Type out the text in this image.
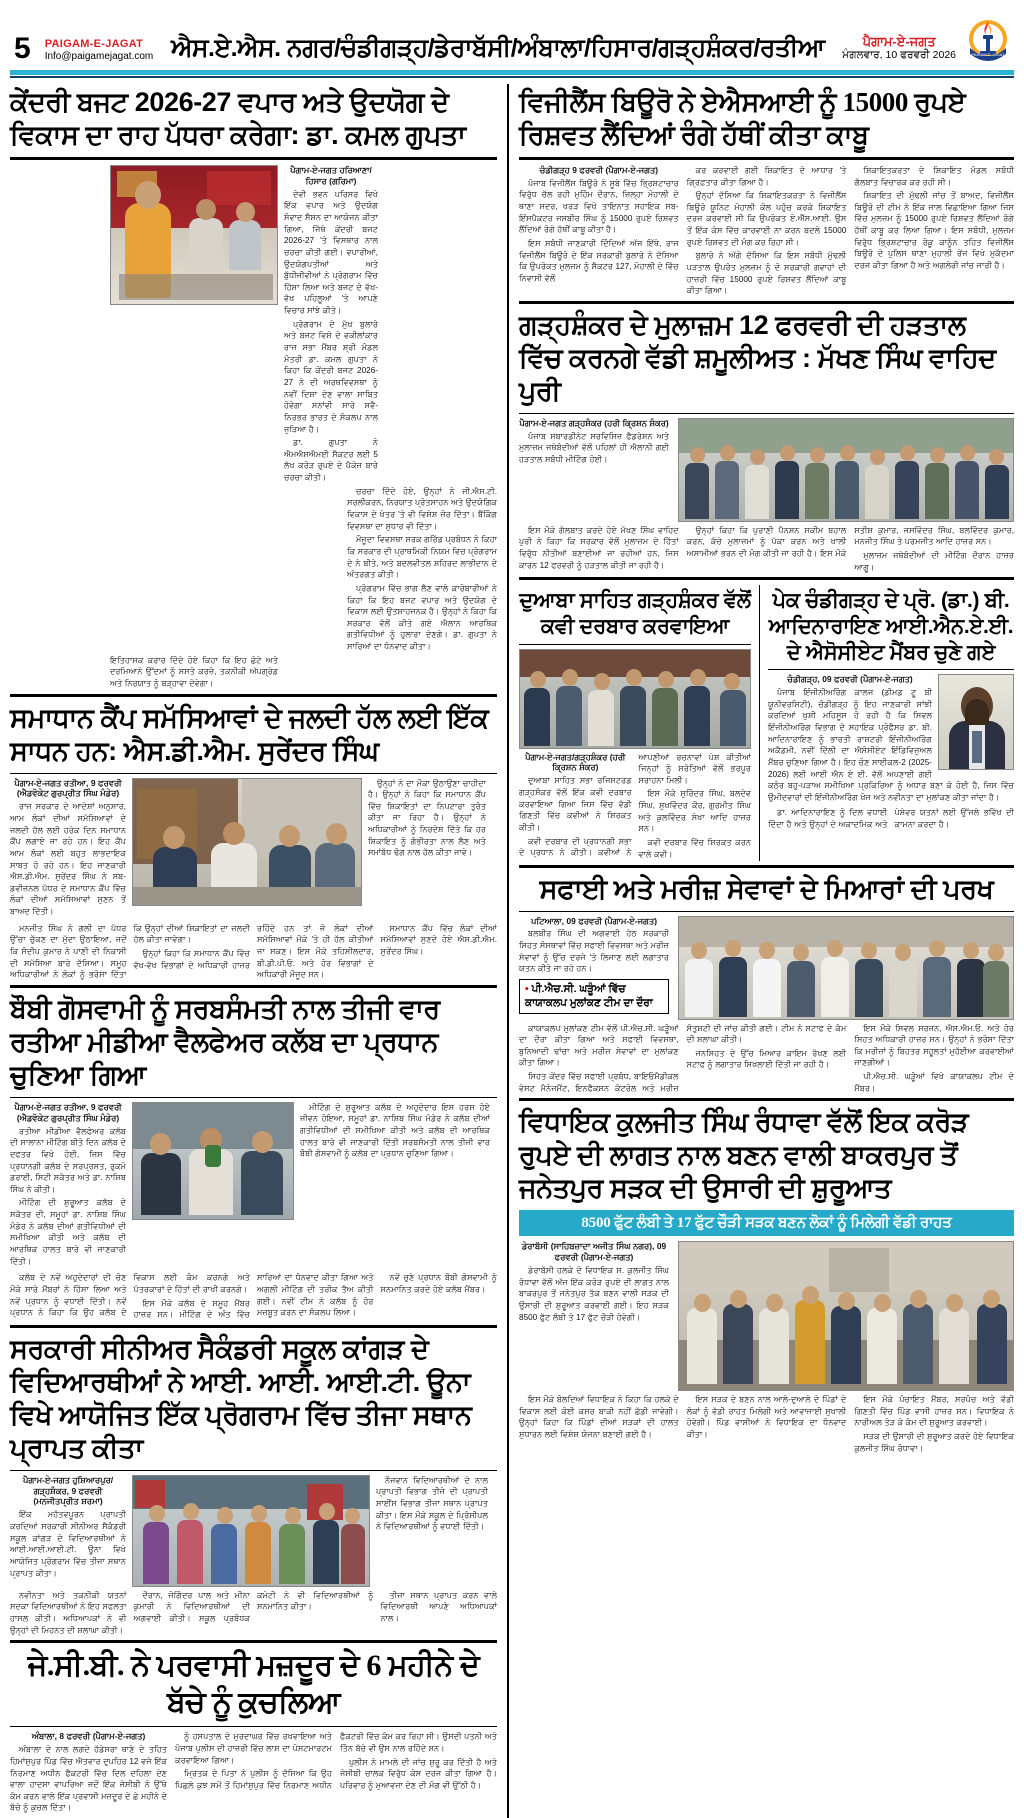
5	PAIGAM-E-JAGAT
Info@paigamejagat.com ਐਸ.ਏ.ਐਸ. ਨਗਰ/ਚੰਡੀਗੜ੍ਹ/ਡੇਰਾਬੱਸੀ/ਅੰਬਾਲਾ/ਹਿਸਾਰ/ਗੜ੍ਹਸ਼ੰਕਰ/ਰਤੀਆ	ਪੈਗਾਮ-ਏ-ਜਗਤ
ਮੰਗਲਵਾਰ, 10 ਫਰਵਰੀ 2026	PAIGAM-E-JAGAT
ਕੇਂਦਰੀ ਬਜਟ 2026-27 ਵਪਾਰ ਅਤੇ ਉਦਯੋਗ ਦੇ ਵਿਕਾਸ ਦਾ ਰਾਹ ਪੱਧਰਾ ਕਰੇਗਾ: ਡਾ. ਕਮਲ ਗੁਪਤਾ

ਪੈਗਾਮ-ਏ-ਜਗਤ ਹਰਿਆਣਾ/ਹਿਸਾਰ (ਗਰਿਮਾ)

ਦੇਵੀ ਭਵਨ ਪਰਿਸਰ ਵਿਖੇ ਇੱਕ ਵਪਾਰ ਅਤੇ ਉਦਯੋਗ ਸੰਵਾਦ ਸੈਸ਼ਨ ਦਾ ਆਯੋਜਨ ਕੀਤਾ ਗਿਆ, ਜਿੱਥੇ ਕੇਂਦਰੀ ਬਜਟ 2026-27 'ਤੇ ਵਿਸਥਾਰ ਨਾਲ ਚਰਚਾ ਕੀਤੀ ਗਈ। ਵਪਾਰੀਆਂ, ਉਦਯੋਗਪਤੀਆਂ ਅਤੇ ਬੁੱਧੀਜੀਵੀਆਂ ਨੇ ਪ੍ਰੋਗਰਾਮ ਵਿੱਚ ਹਿੱਸਾ ਲਿਆ ਅਤੇ ਬਜਟ ਦੇ ਵੱਖ-ਵੱਖ ਪਹਿਲੂਆਂ 'ਤੇ ਆਪਣੇ ਵਿਚਾਰ ਸਾਂਝੇ ਕੀਤੇ।

ਪ੍ਰੋਗਰਾਮ ਦੇ ਮੁੱਖ ਬੁਲਾਰੇ ਅਤੇ ਬਜਟ ਵਿਸ਼ੇ ਦੇ ਵਕੀਲਾਂਕਾਰ ਰਾਜ ਸਭਾ ਮੈਂਬਰ ਸ਼੍ਰੀ ਮੰਡਲ ਮੰਤਰੀ ਡਾ. ਕਮਲ ਗੁਪਤਾ ਨੇ ਕਿਹਾ ਕਿ ਕੇਂਦਰੀ ਬਜਟ 2026-27 ਨੇ ਦੀ ਅਰਥਵਿਵਸਥਾ ਨੂੰ ਨਵੀਂ ਦਿਸ਼ਾ ਦੇਣ ਵਾਲਾ ਸਾਬਿਤ ਹੋਵੇਗਾ ਸਨਾਂਵੀ ਸਾਰੇ ਸਵੈ-ਨਿਰਭਰ ਭਾਰਤ ਦੇ ਸੰਕਲਪ ਨਾਲ ਜੁੜਿਆ ਹੈ।

ਡਾ. ਗੁਪਤਾ ਨੇ ਐਮਐਸਐਮਈ ਸੈਕਟਰ ਲਈ 5 ਲੱਖ ਕਰੋੜ ਰੁਪਏ ਦੇ ਪੈਕੇਜ ਬਾਰੇ ਚਰਚਾ ਕੀਤੀ।

ਚਰਚਾ ਦਿੰਦੇ ਹੋਏ, ਉਨ੍ਹਾਂ ਨੇ ਜੀ.ਐਸ.ਟੀ. ਸਰਲੀਕਰਨ, ਨਿਰਯਾਤ ਪ੍ਰੋਤਸਾਹਨ ਅਤੇ ਉਦਯੋਗਿਕ ਵਿਕਾਸ ਦੇ ਖੇਤਰ 'ਤੇ ਵੀ ਵਿਸ਼ੇਸ਼ ਜ਼ੋਰ ਦਿੱਤਾ। ਬੈਂਕਿੰਗ ਵਿਵਸਥਾ ਦਾ ਸੁਧਾਰ ਵੀ ਦਿੱਤਾ।

ਮੌਜੂਦਾ ਵਿਵਸਥਾ ਸਰਕ ਗਰਿੱਡ ਪ੍ਰਬੰਧਨ ਨੇ ਕਿਹਾ ਕਿ ਸਰਕਾਰ ਦੀ ਪ੍ਰਾਥਮਿਕੀ ਨਿਯਮ ਵਿਚ ਪ੍ਰੋਗਰਾਮ ਦੇ ਨੇ ਬੀਤੇ, ਅਤੇ ਬਦਲਵੀਤਲ ਸ਼ਹਿਰਦ ਲਾਭੀਦਾਨ ਦੇ ਅੰਤਰਗਤ ਕੀਤੀ।

ਪ੍ਰੋਗਰਾਮ ਵਿੱਚ ਭਾਗ ਲੈਣ ਵਾਲੇ ਕਾਰੋਬਾਰੀਆਂ ਨੇ ਕਿਹਾ ਕਿ ਇਹ ਬਜਟ ਵਪਾਰ ਅਤੇ ਉਦਯੋਗ ਦੇ ਵਿਕਾਸ ਲਈ ਉਤਸ਼ਾਹਜਨਕ ਹੈ। ਉਨ੍ਹਾਂ ਨੇ ਕਿਹਾ ਕਿ ਸਰਕਾਰ ਵੱਲੋਂ ਕੀਤੇ ਗਏ ਐਲਾਨ ਆਰਥਿਕ ਗਤੀਵਿਧੀਆਂ ਨੂੰ ਹੁਲਾਰਾ ਦੇਣਗੇ। ਡਾ. ਗੁਪਤਾ ਨੇ ਸਾਰਿਆਂ ਦਾ ਧੰਨਵਾਦ ਕੀਤਾ।

ਇਤਿਹਾਸਕ ਕਰਾਰ ਦਿੰਦੇ ਹੋਏ ਕਿਹਾ ਕਿ ਇਹ ਛੋਟੇ ਅਤੇ ਦਰਮਿਆਨੇ ਉੱਦਮਾਂ ਨੂੰ ਸਸਤੇ ਕਰਜ਼ੇ, ਤਕਨੀਕੀ ਅੱਪਗ੍ਰੇਡ ਅਤੇ ਨਿਰਯਾਤ ਨੂੰ ਬੜ੍ਹਾਵਾ ਦੇਵੇਗਾ।
ਸਮਾਧਾਨ ਕੈਂਪ ਸਮੱਸਿਆਵਾਂ ਦੇ ਜਲਦੀ ਹੱਲ ਲਈ ਇੱਕ ਸਾਧਨ ਹਨ: ਐਸ.ਡੀ.ਐਮ. ਸੁਰੇਂਦਰ ਸਿੰਘ

ਪੈਗਾਮ-ਏ-ਜਗਤ ਰਤੀਆ, 9 ਫਰਵਰੀ (ਐਡਵੋਕੇਟ ਗੁਰਪ੍ਰੀਤ ਸਿੰਘ ਮੰਡੇਰ)

ਰਾਜ ਸਰਕਾਰ ਦੇ ਆਦੇਸ਼ਾਂ ਅਨੁਸਾਰ, ਆਮ ਲੋਕਾਂ ਦੀਆਂ ਸਮੱਸਿਆਵਾਂ ਦੇ ਜਲਦੀ ਹੱਲ ਲਈ ਹਰੇਕ ਦਿਨ ਸਮਾਧਾਨ ਕੈਂਪ ਲਗਾਏ ਜਾ ਰਹੇ ਹਨ। ਇਹ ਕੈਂਪ ਆਮ ਲੋਕਾਂ ਲਈ ਬਹੁਤ ਲਾਭਦਾਇਕ ਸਾਬਤ ਹੋ ਰਹੇ ਹਨ। ਇਹ ਜਾਣਕਾਰੀ ਐਸ.ਡੀ.ਐਮ. ਸੁਰੇਂਦਰ ਸਿੰਘ ਨੇ ਸਬ-ਡਵੀਜ਼ਨਲ ਪੱਧਰ ਦੇ ਸਮਾਧਾਨ ਕੈਂਪ ਵਿੱਚ ਲੋਕਾਂ ਦੀਆਂ ਸਮੱਸਿਆਵਾਂ ਸੁਣਨ ਤੋਂ ਬਾਅਦ ਦਿੱਤੀ।

ਉਨ੍ਹਾਂ ਨੇ ਦਾ ਮੌਕਾ ਉਠਾਉਣਾ ਚਾਹੀਦਾ ਹੈ। ਉਨ੍ਹਾਂ ਨੇ ਕਿਹਾ ਕਿ ਸਮਾਧਾਨ ਕੈਂਪ ਵਿੱਚ ਸ਼ਿਕਾਇਤਾਂ ਦਾ ਨਿਪਟਾਰਾ ਤੁਰੰਤ ਕੀਤਾ ਜਾ ਰਿਹਾ ਹੈ। ਉਨ੍ਹਾਂ ਨੇ ਅਧਿਕਾਰੀਆਂ ਨੂੰ ਨਿਰਦੇਸ਼ ਦਿੱਤੇ ਕਿ ਹਰ ਸ਼ਿਕਾਇਤ ਨੂੰ ਗੰਭੀਰਤਾ ਨਾਲ ਲੈਣ ਅਤੇ ਸਮਾਂਬੱਧ ਢੰਗ ਨਾਲ ਹੱਲ ਕੀਤਾ ਜਾਵੇ।

ਮਨਜੀਤ ਸਿੰਘ ਨੇ ਗਲੀ ਦਾ ਪੱਧਰ ਉੱਚਾ ਚੁੱਕਣ ਦਾ ਮੁੱਦਾ ਉਠਾਇਆ, ਜਦੋਂ ਕਿ ਸੰਦੀਪ ਕੁਮਾਰ ਨੇ ਪਾਣੀ ਦੀ ਨਿਕਾਸੀ ਦੀ ਸਮੱਸਿਆ ਬਾਰੇ ਦੱਸਿਆ। ਸਮੂਹ ਅਧਿਕਾਰੀਆਂ ਨੇ ਲੋਕਾਂ ਨੂੰ ਭਰੋਸਾ ਦਿੱਤਾ ਕਿ ਉਨ੍ਹਾਂ ਦੀਆਂ ਸ਼ਿਕਾਇਤਾਂ ਦਾ ਜਲਦੀ ਹੱਲ ਕੀਤਾ ਜਾਵੇਗਾ।

ਉਨ੍ਹਾਂ ਕਿਹਾ ਕਿ ਸਮਾਧਾਨ ਕੈਂਪ ਵਿੱਚ ਵੱਖ-ਵੱਖ ਵਿਭਾਗਾਂ ਦੇ ਅਧਿਕਾਰੀ ਹਾਜ਼ਰ ਰਹਿੰਦੇ ਹਨ ਤਾਂ ਜੋ ਲੋਕਾਂ ਦੀਆਂ ਸਮੱਸਿਆਵਾਂ ਮੌਕੇ 'ਤੇ ਹੀ ਹੱਲ ਕੀਤੀਆਂ ਜਾ ਸਕਣ। ਇਸ ਮੌਕੇ ਤਹਿਸੀਲਦਾਰ, ਬੀ.ਡੀ.ਪੀ.ਓ. ਅਤੇ ਹੋਰ ਵਿਭਾਗਾਂ ਦੇ ਅਧਿਕਾਰੀ ਮੌਜੂਦ ਸਨ।

ਸਮਾਧਾਨ ਕੈਂਪ ਵਿੱਚ ਲੋਕਾਂ ਦੀਆਂ ਸਮੱਸਿਆਵਾਂ ਸੁਣਦੇ ਹੋਏ ਐਸ.ਡੀ.ਐਮ. ਸੁਰੇਂਦਰ ਸਿੰਘ।

ਬੌਬੀ ਗੋਸਵਾਮੀ ਨੂੰ ਸਰਬਸੰਮਤੀ ਨਾਲ ਤੀਜੀ ਵਾਰ ਰਤੀਆ ਮੀਡੀਆ ਵੈਲਫੇਅਰ ਕਲੱਬ ਦਾ ਪ੍ਰਧਾਨ ਚੁਣਿਆ ਗਿਆ

ਪੈਗਾਮ-ਏ-ਜਗਤ ਰਤੀਆ, 9 ਫਰਵਰੀ (ਐਡਵੋਕੇਟ ਗੁਰਪ੍ਰੀਤ ਸਿੰਘ ਮੰਡੇਰ)

ਰਤੀਆ ਮੀਡੀਆ ਵੈਲਫੇਅਰ ਕਲੱਬ ਦੀ ਸਾਲਾਨਾ ਮੀਟਿੰਗ ਬੀਤੇ ਦਿਨ ਕਲੱਬ ਦੇ ਦਫਤਰ ਵਿਖੇ ਹੋਈ, ਜਿਸ ਵਿੱਚ ਪ੍ਰਧਾਨਗੀ ਕਲੱਬ ਦੇ ਸਰਪ੍ਰਸਤ, ਰੁਕਮੋ ਡਰਾਈ, ਸਿਟੀ ਸਕੱਤਰ ਅਤੇ ਡਾ. ਨਾਸ਼ਿਬ ਸਿੰਘ ਨੇ ਕੀਤੀ।

ਮੀਟਿੰਗ ਦੀ ਸ਼ੁਰੂਆਤ ਕਲੱਬ ਦੇ ਸਕੱਤਰ ਦੀ, ਸਮੂਹਾਂ ਡਾ. ਨਾਸ਼ਿਬ ਸਿੰਘ ਮੰਡੇਰ ਨੇ ਕਲੱਬ ਦੀਆਂ ਗਤੀਵਿਧੀਆਂ ਦੀ ਸਮੀਖਿਆ ਕੀਤੀ ਅਤੇ ਕਲੱਬ ਦੀ ਆਰਥਿਕ ਹਾਲਤ ਬਾਰੇ ਵੀ ਜਾਣਕਾਰੀ ਦਿੱਤੀ।

ਮੀਟਿੰਗ ਦੇ ਸ਼ੁਰੂਆਤ ਕਲੱਬ ਦੇ ਅਹੁਦੇਦਾਰ ਇਸ ਹਰਸ਼ ਹੋਏ ਜੀਵਨ ਹੋਇਆ, ਸਮੂਹਾਂ ਡਾ. ਨਾਸ਼ਿਬ ਸਿੰਘ ਮੰਡੇਰ ਨੇ ਕਲੱਬ ਦੀਆਂ ਗਤੀਵਿਧੀਆਂ ਦੀ ਸਮੀਖਿਆ ਕੀਤੀ ਅਤੇ ਕਲੱਬ ਦੀ ਆਰਥਿਕ ਹਾਲਤ ਬਾਰੇ ਵੀ ਜਾਣਕਾਰੀ ਦਿੱਤੀ ਸਰਬਸੰਮਤੀ ਨਾਲ ਤੀਜੀ ਵਾਰ ਬੌਬੀ ਗੋਸਵਾਮੀ ਨੂੰ ਕਲੱਬ ਦਾ ਪ੍ਰਧਾਨ ਚੁਣਿਆ ਗਿਆ।

ਕਲੱਬ ਦੇ ਨਵੇਂ ਅਹੁਦੇਦਾਰਾਂ ਦੀ ਚੋਣ ਮੌਕੇ ਸਾਰੇ ਮੈਂਬਰਾਂ ਨੇ ਹਿੱਸਾ ਲਿਆ ਅਤੇ ਨਵੇਂ ਪ੍ਰਧਾਨ ਨੂੰ ਵਧਾਈ ਦਿੱਤੀ। ਨਵੇਂ ਪ੍ਰਧਾਨ ਨੇ ਕਿਹਾ ਕਿ ਉਹ ਕਲੱਬ ਦੇ ਵਿਕਾਸ ਲਈ ਕੰਮ ਕਰਨਗੇ ਅਤੇ ਪੱਤਰਕਾਰਾਂ ਦੇ ਹਿੱਤਾਂ ਦੀ ਰਾਖੀ ਕਰਨਗੇ।

ਇਸ ਮੌਕੇ ਕਲੱਬ ਦੇ ਸਮੂਹ ਮੈਂਬਰ ਹਾਜ਼ਰ ਸਨ। ਮੀਟਿੰਗ ਦੇ ਅੰਤ ਵਿੱਚ ਸਾਰਿਆਂ ਦਾ ਧੰਨਵਾਦ ਕੀਤਾ ਗਿਆ ਅਤੇ ਅਗਲੀ ਮੀਟਿੰਗ ਦੀ ਤਰੀਕ ਤੈਅ ਕੀਤੀ ਗਈ। ਨਵੀਂ ਟੀਮ ਨੇ ਕਲੱਬ ਨੂੰ ਹੋਰ ਮਜ਼ਬੂਤ ਕਰਨ ਦਾ ਸੰਕਲਪ ਲਿਆ।

ਨਵੇਂ ਚੁਣੇ ਪ੍ਰਧਾਨ ਬੌਬੀ ਗੋਸਵਾਮੀ ਨੂੰ ਸਨਮਾਨਿਤ ਕਰਦੇ ਹੋਏ ਕਲੱਬ ਮੈਂਬਰ।

ਸਰਕਾਰੀ ਸੀਨੀਅਰ ਸੈਕੰਡਰੀ ਸਕੂਲ ਕਾਂਗੜ ਦੇ ਵਿਦਿਆਰਥੀਆਂ ਨੇ ਆਈ. ਆਈ. ਆਈ.ਟੀ. ਊਨਾ ਵਿਖੇ ਆਯੋਜਿਤ ਇੱਕ ਪ੍ਰੋਗਰਾਮ ਵਿੱਚ ਤੀਜਾ ਸਥਾਨ ਪ੍ਰਾਪਤ ਕੀਤਾ

ਪੈਗਾਮ-ਏ-ਜਗਤ ਹੁਸ਼ਿਆਰਪੁਰ/ਗੜ੍ਹਸ਼ੰਕਰ, 9 ਫਰਵਰੀ (ਮਨਜੀਤਪ੍ਰੀਤ ਸ਼ਰਮਾ)

ਇੱਕ ਮਹੱਤਵਪੂਰਨ ਪ੍ਰਾਪਤੀ ਕਰਦਿਆਂ ਸਰਕਾਰੀ ਸੀਨੀਅਰ ਸੈਕੰਡਰੀ ਸਕੂਲ ਕਾਂਗੜ ਦੇ ਵਿਦਿਆਰਥੀਆਂ ਨੇ ਆਈ.ਆਈ.ਆਈ.ਟੀ. ਊਨਾ ਵਿਖੇ ਆਯੋਜਿਤ ਪ੍ਰੋਗਰਾਮ ਵਿੱਚ ਤੀਜਾ ਸਥਾਨ ਪ੍ਰਾਪਤ ਕੀਤਾ।

ਨੌਜਵਾਨ ਵਿਦਿਆਰਥੀਆਂ ਦੇ ਨਾਲ ਪ੍ਰਾਪਤੀ ਵਿਭਾਗ ਤੀਜੇ ਦੀ ਪ੍ਰਾਪਤੀ ਸਾਈਂਸ ਵਿਭਾਗ ਤੀਜਾ ਸਥਾਨ ਪ੍ਰਾਪਤ ਕੀਤਾ। ਇਸ ਮੌਕੇ ਸਕੂਲ ਦੇ ਪ੍ਰਿੰਸੀਪਲ ਨੇ ਵਿਦਿਆਰਥੀਆਂ ਨੂੰ ਵਧਾਈ ਦਿੱਤੀ।

ਨਵੀਨਤਾ ਅਤੇ ਤਕਨੀਕੀ ਯਤਨਾਂ ਸਦਕਾ ਵਿਦਿਆਰਥੀਆਂ ਨੇ ਇਹ ਸਫਲਤਾ ਹਾਸਲ ਕੀਤੀ। ਅਧਿਆਪਕਾਂ ਨੇ ਵੀ ਉਨ੍ਹਾਂ ਦੀ ਮਿਹਨਤ ਦੀ ਸ਼ਲਾਘਾ ਕੀਤੀ।

ਦੌਰਾਨ, ਜੋਗਿੰਦਰ ਪਾਲ ਅਤੇ ਮੀਨਾ ਕੁਮਾਰੀ ਨੇ ਵਿਦਿਆਰਥੀਆਂ ਦੀ ਅਗਵਾਈ ਕੀਤੀ। ਸਕੂਲ ਪ੍ਰਬੰਧਕ ਕਮੇਟੀ ਨੇ ਵੀ ਵਿਦਿਆਰਥੀਆਂ ਨੂੰ ਸਨਮਾਨਿਤ ਕੀਤਾ।

ਤੀਜਾ ਸਥਾਨ ਪ੍ਰਾਪਤ ਕਰਨ ਵਾਲੇ ਵਿਦਿਆਰਥੀ ਆਪਣੇ ਅਧਿਆਪਕਾਂ ਨਾਲ।

ਜੇ.ਸੀ.ਬੀ. ਨੇ ਪਰਵਾਸੀ ਮਜ਼ਦੂਰ ਦੇ 6 ਮਹੀਨੇ ਦੇ ਬੱਚੇ ਨੂੰ ਕੁਚਲਿਆ

ਅੰਬਾਲਾ, 8 ਫਰਵਰੀ (ਪੈਗਾਮ-ਏ-ਜਗਤ)

ਅੰਬਾਲਾ ਦੇ ਨਾਲ ਲਗਦੇ ਹੱਡੇਸਰਾ ਥਾਣੇ ਦੇ ਤਹਿਤ ਹਿਮਾਂਸ਼ੁਪੁਰ ਪਿੰਡ ਵਿੱਚ ਐਤਵਾਰ ਦੁਪਹਿਰ 12 ਵਜੇ ਇੱਕ ਨਿਰਮਾਣ ਅਧੀਨ ਫੈਕਟਰੀ ਵਿੱਚ ਦਿਲ ਦਹਿਲਾ ਦੇਣ ਵਾਲਾ ਹਾਦਸਾ ਵਾਪਰਿਆ ਜਦੋਂ ਇੱਕ ਜੇਸੀਬੀ ਨੇ ਉੱਥੇ ਕੰਮ ਕਰਨ ਵਾਲੇ ਇੱਕ ਪ੍ਰਵਾਸੀ ਮਜ਼ਦੂਰ ਦੇ ਛੇ ਮਹੀਨੇ ਦੇ ਬੱਚੇ ਨੂੰ ਕੁਚਲ ਦਿੱਤਾ।

ਨੂੰ ਹਸਪਤਾਲ ਦੇ ਮੁਰਦਾਘਰ ਵਿੱਚ ਰਖਵਾਇਆ ਅਤੇ ਪੰਜਾਬ ਪੁਲੀਸ ਦੀ ਹਾਜ਼ਰੀ ਵਿੱਚ ਲਾਸ਼ ਦਾ ਪੋਸਟਮਾਰਟਮ ਕਰਵਾਇਆ ਗਿਆ।

ਮ੍ਰਿਤਕ ਦੇ ਪਿਤਾ ਨੇ ਪੁਲੀਸ ਨੂੰ ਦੱਸਿਆ ਕਿ ਉਹ ਪਿਛਲੇ ਕੁਝ ਸਮੇਂ ਤੋਂ ਹਿਮਾਂਸ਼ੁਪੁਰ ਵਿੱਚ ਨਿਰਮਾਣ ਅਧੀਨ ਫੈਕਟਰੀ ਵਿੱਚ ਕੰਮ ਕਰ ਰਿਹਾ ਸੀ। ਉਸਦੀ ਪਤਨੀ ਅਤੇ ਤਿੰਨ ਬੱਚੇ ਵੀ ਉਸ ਨਾਲ ਰਹਿੰਦੇ ਸਨ।

ਪੁਲੀਸ ਨੇ ਮਾਮਲੇ ਦੀ ਜਾਂਚ ਸ਼ੁਰੂ ਕਰ ਦਿੱਤੀ ਹੈ ਅਤੇ ਜੇਸੀਬੀ ਚਾਲਕ ਵਿਰੁੱਧ ਕੇਸ ਦਰਜ ਕੀਤਾ ਗਿਆ ਹੈ। ਪਰਿਵਾਰ ਨੂੰ ਮੁਆਵਜ਼ਾ ਦੇਣ ਦੀ ਮੰਗ ਵੀ ਉੱਠੀ ਹੈ।

ਵਿਜੀਲੈਂਸ ਬਿਊਰੋ ਨੇ ਏਐਸਆਈ ਨੂੰ 15000 ਰੁਪਏ ਰਿਸ਼ਵਤ ਲੈਂਦਿਆਂ ਰੰਗੇ ਹੱਥੀਂ ਕੀਤਾ ਕਾਬੂ

ਚੰਡੀਗੜ੍ਹ 9 ਫਰਵਰੀ (ਪੈਗਾਮ-ਏ-ਜਗਤ)

ਪੰਜਾਬ ਵਿਜੀਲੈਂਸ ਬਿਊਰੋ ਨੇ ਸੂਬੇ ਵਿੱਚ ਭ੍ਰਿਸ਼ਟਾਚਾਰ ਵਿਰੁੱਧ ਚੱਲ ਰਹੀ ਮੁਹਿੰਮ ਦੌਰਾਨ, ਜ਼ਿਲ੍ਹਾ ਮੋਹਾਲੀ ਦੇ ਥਾਣਾ ਸਦਰ, ਖਰੜ ਵਿਖੇ ਤਾਇਨਾਤ ਸਹਾਇਕ ਸਬ-ਇੰਸਪੈਕਟਰ ਜਸਬੀਰ ਸਿੰਘ ਨੂੰ 15000 ਰੁਪਏ ਰਿਸ਼ਵਤ ਲੈਂਦਿਆਂ ਰੰਗੇ ਹੱਥੀਂ ਕਾਬੂ ਕੀਤਾ ਹੈ।

ਇਸ ਸਬੰਧੀ ਜਾਣਕਾਰੀ ਦਿੰਦਿਆਂ ਅੱਜ ਇੱਥੇ, ਰਾਜ ਵਿਜੀਲੈਂਸ ਬਿਊਰੋ ਦੇ ਇੱਕ ਸਰਕਾਰੀ ਬੁਲਾਰੇ ਨੇ ਦੱਸਿਆ ਕਿ ਉਪਰੋਕਤ ਮੁਲਜ਼ਮ ਨੂੰ ਸੈਕਟਰ 127, ਮੋਹਾਲੀ ਦੇ ਵਿੱਚ ਨਿਵਾਸੀ ਵੱਲੋਂ

ਕਰ ਕਰਵਾਈ ਗਈ ਸ਼ਿਕਾਇਤ ਦੇ ਆਧਾਰ 'ਤੇ ਗ੍ਰਿਫ਼ਤਾਰ ਕੀਤਾ ਗਿਆ ਹੈ।

ਉਨ੍ਹਾਂ ਦੱਸਿਆ ਕਿ ਸ਼ਿਕਾਇਤਕਰਤਾ ਨੇ ਵਿਜੀਲੈਂਸ ਬਿਊਰੋ ਯੂਨਿਟ ਮੋਹਾਲੀ ਕੋਲ ਪਹੁੰਚ ਕਰਕੇ ਸ਼ਿਕਾਇਤ ਦਰਜ ਕਰਵਾਈ ਸੀ ਕਿ ਉਪਰੋਕਤ ਏ.ਐੱਸ.ਆਈ. ਉਸ ਤੋਂ ਇੱਕ ਕੇਸ ਵਿੱਚ ਕਾਰਵਾਈ ਨਾ ਕਰਨ ਬਦਲੇ 15000 ਰੁਪਏ ਰਿਸ਼ਵਤ ਦੀ ਮੰਗ ਕਰ ਰਿਹਾ ਸੀ।

ਬੁਲਾਰੇ ਨੇ ਅੱਗੇ ਦੱਸਿਆ ਕਿ ਇਸ ਸਬੰਧੀ ਮੁੱਢਲੀ ਪੜਤਾਲ ਉਪਰੰਤ ਮੁਲਜ਼ਮ ਨੂੰ ਦੋ ਸਰਕਾਰੀ ਗਵਾਹਾਂ ਦੀ ਹਾਜ਼ਰੀ ਵਿੱਚ 15000 ਰੁਪਏ ਰਿਸ਼ਵਤ ਲੈਂਦਿਆਂ ਕਾਬੂ ਕੀਤਾ ਗਿਆ।

ਸ਼ਿਕਾਇਤਕਰਤਾ ਦੇ ਸ਼ਿਕਾਇਤ ਮੰਡਲ ਸਬੰਧੀ ਗੱਲਬਾਤ ਵਿਚਾਰਕ ਕਰ ਰਹੀ ਸੀ।

ਸ਼ਿਕਾਇਤ ਦੀ ਮੁੱਢਲੀ ਜਾਂਚ ਤੋਂ ਬਾਅਦ, ਵਿਜੀਲੈਂਸ ਬਿਊਰੋ ਦੀ ਟੀਮ ਨੇ ਇੱਕ ਜਾਲ ਵਿਛਾਇਆ ਗਿਆ ਜਿਸ ਵਿੱਚ ਮੁਲਜ਼ਮ ਨੂੰ 15000 ਰੁਪਏ ਰਿਸ਼ਵਤ ਲੈਂਦਿਆਂ ਰੰਗੇ ਹੱਥੀਂ ਕਾਬੂ ਕਰ ਲਿਆ ਗਿਆ। ਇਸ ਸਬੰਧੀ, ਮੁਲਜ਼ਮ ਵਿਰੁੱਧ ਭ੍ਰਿਸ਼ਟਾਚਾਰ ਰੋਕੂ ਕਾਨੂੰਨ ਤਹਿਤ ਵਿਜੀਲੈਂਸ ਬਿਊਰੋ ਦੇ ਪੁਲਿਸ ਥਾਣਾ ਮੁਹਾਲੀ ਰੇਂਜ ਵਿਖੇ ਮੁਕੱਦਮਾ ਦਰਜ ਕੀਤਾ ਗਿਆ ਹੈ ਅਤੇ ਅਗਲੇਰੀ ਜਾਂਚ ਜਾਰੀ ਹੈ।

ਗੜ੍ਹਸ਼ੰਕਰ ਦੇ ਮੁਲਾਜ਼ਮ 12 ਫਰਵਰੀ ਦੀ ਹੜਤਾਲ ਵਿੱਚ ਕਰਨਗੇ ਵੱਡੀ ਸ਼ਮੂਲੀਅਤ : ਮੱਖਣ ਸਿੰਘ ਵਾਹਿਦ ਪੁਰੀ

ਪੈਗਾਮ-ਏ-ਜਗਤ ਗੜ੍ਹਸ਼ੰਕਰ (ਹਰੀ ਕ੍ਰਿਸ਼ਨ ਸ਼ੰਕਰ)

ਪੰਜਾਬ ਸਬਾਰਡੀਨੇਟ ਸਰਵਿਸਿਜ਼ ਫੈਡਰੇਸ਼ਨ ਅਤੇ ਮੁਲਾਜ਼ਮ ਜਥੇਬੰਦੀਆਂ ਵੱਲੋਂ ਪਹਿਲਾਂ ਹੀ ਐਲਾਨੀ ਗਈ ਹੜਤਾਲ ਸਬੰਧੀ ਮੀਟਿੰਗ ਹੋਈ।

ਇਸ ਮੌਕੇ ਗੱਲਬਾਤ ਕਰਦੇ ਹੋਏ ਮੱਖਣ ਸਿੰਘ ਵਾਹਿਦ ਪੁਰੀ ਨੇ ਕਿਹਾ ਕਿ ਸਰਕਾਰ ਵੱਲੋਂ ਮੁਲਾਜ਼ਮ ਦੇ ਹਿੱਤਾਂ ਵਿਰੁੱਧ ਨੀਤੀਆਂ ਬਣਾਈਆਂ ਜਾ ਰਹੀਆਂ ਹਨ, ਜਿਸ ਕਾਰਨ 12 ਫਰਵਰੀ ਨੂੰ ਹੜਤਾਲ ਕੀਤੀ ਜਾ ਰਹੀ ਹੈ।

ਉਨ੍ਹਾਂ ਕਿਹਾ ਕਿ ਪੁਰਾਣੀ ਪੈਨਸ਼ਨ ਸਕੀਮ ਬਹਾਲ ਕਰਨ, ਕੱਚੇ ਮੁਲਾਜ਼ਮਾਂ ਨੂੰ ਪੱਕਾ ਕਰਨ ਅਤੇ ਖਾਲੀ ਅਸਾਮੀਆਂ ਭਰਨ ਦੀ ਮੰਗ ਕੀਤੀ ਜਾ ਰਹੀ ਹੈ। ਇਸ ਮੌਕੇ ਸਤੀਸ਼ ਕੁਮਾਰ, ਜਸਵਿੰਦਰ ਸਿੰਘ, ਬਲਵਿੰਦਰ ਕੁਮਾਰ, ਮਨਜੀਤ ਸਿੰਘ ਤੇ ਪਰਮਜੀਤ ਆਦਿ ਹਾਜ਼ਰ ਸਨ।

ਮੁਲਾਜ਼ਮ ਜਥੇਬੰਦੀਆਂ ਦੀ ਮੀਟਿੰਗ ਦੌਰਾਨ ਹਾਜ਼ਰ ਆਗੂ।

ਦੁਆਬਾ ਸਾਹਿਤ ਗੜ੍ਹਸ਼ੰਕਰ ਵੱਲੋਂ ਕਵੀ ਦਰਬਾਰ ਕਰਵਾਇਆ

ਪੈਗਾਮ-ਏ-ਜਗਤ/ਗੜ੍ਹਸ਼ੰਕਰ (ਹਰੀ ਕ੍ਰਿਸ਼ਨ ਸ਼ੰਕਰ)

ਦੁਆਬਾ ਸਾਹਿਤ ਸਭਾ ਰਜਿਸਟਰਡ ਗੜ੍ਹਸ਼ੰਕਰ ਵੱਲੋਂ ਇੱਕ ਕਵੀ ਦਰਬਾਰ ਕਰਵਾਇਆ ਗਿਆ ਜਿਸ ਵਿੱਚ ਵੱਡੀ ਗਿਣਤੀ ਵਿੱਚ ਕਵੀਆਂ ਨੇ ਸ਼ਿਰਕਤ ਕੀਤੀ।

ਕਵੀ ਦਰਬਾਰ ਦੀ ਪ੍ਰਧਾਨਗੀ ਸਭਾ ਦੇ ਪ੍ਰਧਾਨ ਨੇ ਕੀਤੀ। ਕਵੀਆਂ ਨੇ ਆਪਣੀਆਂ ਰਚਨਾਵਾਂ ਪੇਸ਼ ਕੀਤੀਆਂ ਜਿਨ੍ਹਾਂ ਨੂੰ ਸਰੋਤਿਆਂ ਵੱਲੋਂ ਭਰਪੂਰ ਸਰਾਹਨਾ ਮਿਲੀ।

ਇਸ ਮੌਕੇ ਸੁਰਿੰਦਰ ਸਿੰਘ, ਬਲਦੇਵ ਸਿੰਘ, ਸੁਖਵਿੰਦਰ ਕੌਰ, ਗੁਰਮੀਤ ਸਿੰਘ ਅਤੇ ਕੁਲਵਿੰਦਰ ਸੇਖਾ ਆਦਿ ਹਾਜ਼ਰ ਸਨ।

ਕਵੀ ਦਰਬਾਰ ਵਿੱਚ ਸ਼ਿਰਕਤ ਕਰਨ ਵਾਲੇ ਕਵੀ।

ਪੇਕ ਚੰਡੀਗੜ੍ਹ ਦੇ ਪ੍ਰੋ. (ਡਾ.) ਬੀ. ਆਦਿਨਾਰਾਇਣ ਆਈ.ਐਨ.ਏ.ਈ. ਦੇ ਐਸੋਸੀਏਟ ਮੈਂਬਰ ਚੁਣੇ ਗਏ

ਚੰਡੀਗੜ੍ਹ, 09 ਫਰਵਰੀ (ਪੈਗਾਮ-ਏ-ਜਗਤ)

ਪੰਜਾਬ ਇੰਜੀਨੀਅਰਿੰਗ ਕਾਲਜ (ਡੀਮਡ ਟੂ ਬੀ ਯੂਨੀਵਰਸਿਟੀ), ਚੰਡੀਗੜ੍ਹ ਨੂੰ ਇਹ ਜਾਣਕਾਰੀ ਸਾਂਝੀ ਕਰਦਿਆਂ ਖੁਸ਼ੀ ਮਹਿਸੂਸ ਹੋ ਰਹੀ ਹੈ ਕਿ ਸਿਵਲ ਇੰਜੀਨੀਅਰਿੰਗ ਵਿਭਾਗ ਦੇ ਸਹਾਇਕ ਪ੍ਰੋਫੈਸਰ ਡਾ. ਬੀ. ਆਦਿਨਾਰਾਇਣ ਨੂੰ ਭਾਰਤੀ ਰਾਸ਼ਟਰੀ ਇੰਜੀਨੀਅਰਿੰਗ ਅਕੈਡਮੀ, ਨਵੀਂ ਦਿੱਲੀ ਦਾ ਐਸੋਸੀਏਟ ਇੰਡਿਵਿਜੁਅਲ ਮੈਂਬਰ ਚੁਣਿਆ ਗਿਆ ਹੈ। ਇਹ ਚੋਣ ਸਾਈਕਲ-2 (2025-2026) ਲਈ ਆਈ ਐਨ ਏ ਈ. ਵੱਲੋਂ ਅਪਣਾਈ ਗਈ ਕਠੋਰ ਬਹੁ-ਪੜਾਅ ਸਮੀਖਿਆ ਪ੍ਰਕਿਰਿਆ ਨੂੰ ਅਧਾਰ ਬਣਾ ਕੇ ਹੋਈ ਹੈ, ਜਿਸ ਵਿੱਚ ਉਮੀਦਵਾਰਾਂ ਦੀ ਇੰਜੀਨੀਅਰਿੰਗ ਖੋਜ ਅਤੇ ਨਵੀਨਤਾ ਦਾ ਮੁਲਾਂਕਣ ਕੀਤਾ ਜਾਂਦਾ ਹੈ।

ਡਾ. ਆਦਿਨਾਰਾਇਣ ਨੂੰ ਦਿਲ ਵਧਾਈ ਦਿੰਦਾ ਹੈ ਅਤੇ ਉਨ੍ਹਾਂ ਦੇ ਅਕਾਦਮਿਕ ਅਤੇ ਪੇਸ਼ੇਵਰ ਯਤਨਾਂ ਲਈ ਉੱਜਲੇ ਭਵਿੱਖ ਦੀ ਕਾਮਨਾ ਕਰਦਾ ਹੈ।

ਸਫਾਈ ਅਤੇ ਮਰੀਜ਼ ਸੇਵਾਵਾਂ ਦੇ ਮਿਆਰਾਂ ਦੀ ਪਰਖ

ਪਟਿਆਲਾ, 09 ਫਰਵਰੀ (ਪੈਗਾਮ-ਏ-ਜਗਤ)

ਬਲਬੀਰ ਸਿੰਘ ਦੀ ਅਗਵਾਈ ਹੇਠ ਸਰਕਾਰੀ ਸਿਹਤ ਸੰਸਥਾਵਾਂ ਵਿੱਚ ਸਫਾਈ ਵਿਵਸਥਾ ਅਤੇ ਮਰੀਜ਼ ਸੇਵਾਵਾਂ ਨੂੰ ਉੱਚ ਦਰਜੇ 'ਤੇ ਲਿਜਾਣ ਲਈ ਲਗਾਤਾਰ ਯਤਨ ਕੀਤੇ ਜਾ ਰਹੇ ਹਨ।

• ਪੀ.ਐਚ.ਸੀ. ਘੜੂੰਆਂ ਵਿੱਚ ਕਾਯਾਕਲਪ ਮੁਲਾਂਕਣ ਟੀਮ ਦਾ ਦੌਰਾ

ਕਾਯਾਕਲਪ ਮੁਲਾਂਕਣ ਟੀਮ ਵੱਲੋਂ ਪੀ.ਐਚ.ਸੀ. ਘੜੂੰਆਂ ਦਾ ਦੌਰਾ ਕੀਤਾ ਗਿਆ ਅਤੇ ਸਫਾਈ ਵਿਵਸਥਾ, ਬੁਨਿਆਦੀ ਢਾਂਚਾ ਅਤੇ ਮਰੀਜ਼ ਸੇਵਾਵਾਂ ਦਾ ਮੁਲਾਂਕਣ ਕੀਤਾ ਗਿਆ।

ਸਿਹਤ ਕੇਂਦਰ ਵਿੱਚ ਸਫਾਈ ਪ੍ਰਬੰਧ, ਬਾਇਓਮੈਡੀਕਲ ਵੇਸਟ ਮੈਨੇਜਮੈਂਟ, ਇਨਫੈਕਸ਼ਨ ਕੰਟਰੋਲ ਅਤੇ ਮਰੀਜ਼ ਸੰਤੁਸ਼ਟੀ ਦੀ ਜਾਂਚ ਕੀਤੀ ਗਈ। ਟੀਮ ਨੇ ਸਟਾਫ ਦੇ ਕੰਮ ਦੀ ਸ਼ਲਾਘਾ ਕੀਤੀ।

ਜਨਸਿਹਤ ਦੇ ਉੱਚ ਮਿਆਰ ਕਾਇਮ ਰੱਖਣ ਲਈ ਸਟਾਫ ਨੂੰ ਲਗਾਤਾਰ ਸਿਖਲਾਈ ਦਿੱਤੀ ਜਾ ਰਹੀ ਹੈ।

ਇਸ ਮੌਕੇ ਸਿਵਲ ਸਰਜਨ, ਐਸ.ਐਮ.ਓ. ਅਤੇ ਹੋਰ ਸਿਹਤ ਅਧਿਕਾਰੀ ਹਾਜ਼ਰ ਸਨ। ਉਨ੍ਹਾਂ ਨੇ ਭਰੋਸਾ ਦਿੱਤਾ ਕਿ ਮਰੀਜ਼ਾਂ ਨੂੰ ਬਿਹਤਰ ਸਹੂਲਤਾਂ ਮੁਹੱਈਆ ਕਰਵਾਈਆਂ ਜਾਣਗੀਆਂ।

ਪੀ.ਐਚ.ਸੀ. ਘੜੂੰਆਂ ਵਿਖੇ ਕਾਯਾਕਲਪ ਟੀਮ ਦੇ ਮੈਂਬਰ।

ਵਿਧਾਇਕ ਕੁਲਜੀਤ ਸਿੰਘ ਰੰਧਾਵਾ ਵੱਲੋਂ ਇਕ ਕਰੋੜ ਰੁਪਏ ਦੀ ਲਾਗਤ ਨਾਲ ਬਣਨ ਵਾਲੀ ਬਾਕਰਪੁਰ ਤੋਂ ਜਨੇਤਪੁਰ ਸੜਕ ਦੀ ਉਸਾਰੀ ਦੀ ਸ਼ੁਰੂਆਤ
8500 ਫੁੱਟ ਲੰਬੀ ਤੇ 17 ਫੁੱਟ ਚੌੜੀ ਸੜਕ ਬਣਨ ਲੋਕਾਂ ਨੂੰ ਮਿਲੇਗੀ ਵੱਡੀ ਰਾਹਤ

ਡੇਰਾਬੱਸੀ (ਸਾਹਿਬਜ਼ਾਦਾ ਅਜੀਤ ਸਿੰਘ ਨਗਰ), 09 ਫਰਵਰੀ (ਪੈਗਾਮ-ਏ-ਜਗਤ)

ਡੇਰਾਬੱਸੀ ਹਲਕੇ ਦੇ ਵਿਧਾਇਕ ਸ. ਕੁਲਜੀਤ ਸਿੰਘ ਰੰਧਾਵਾ ਵੱਲੋਂ ਅੱਜ ਇੱਕ ਕਰੋੜ ਰੁਪਏ ਦੀ ਲਾਗਤ ਨਾਲ ਬਾਕਰਪੁਰ ਤੋਂ ਜਨੇਤਪੁਰ ਤੱਕ ਬਣਨ ਵਾਲੀ ਸੜਕ ਦੀ ਉਸਾਰੀ ਦੀ ਸ਼ੁਰੂਆਤ ਕਰਵਾਈ ਗਈ। ਇਹ ਸੜਕ 8500 ਫੁੱਟ ਲੰਬੀ ਤੇ 17 ਫੁੱਟ ਚੌੜੀ ਹੋਵੇਗੀ।

ਇਸ ਮੌਕੇ ਬੋਲਦਿਆਂ ਵਿਧਾਇਕ ਨੇ ਕਿਹਾ ਕਿ ਹਲਕੇ ਦੇ ਵਿਕਾਸ ਲਈ ਕੋਈ ਕਸਰ ਬਾਕੀ ਨਹੀਂ ਛੱਡੀ ਜਾਵੇਗੀ। ਉਨ੍ਹਾਂ ਕਿਹਾ ਕਿ ਪਿੰਡਾਂ ਦੀਆਂ ਸੜਕਾਂ ਦੀ ਹਾਲਤ ਸੁਧਾਰਨ ਲਈ ਵਿਸ਼ੇਸ਼ ਯੋਜਨਾ ਬਣਾਈ ਗਈ ਹੈ।

ਇਸ ਸੜਕ ਦੇ ਬਣਨ ਨਾਲ ਆਲੇ-ਦੁਆਲੇ ਦੇ ਪਿੰਡਾਂ ਦੇ ਲੋਕਾਂ ਨੂੰ ਵੱਡੀ ਰਾਹਤ ਮਿਲੇਗੀ ਅਤੇ ਆਵਾਜਾਈ ਸੁਖਾਲੀ ਹੋਵੇਗੀ। ਪਿੰਡ ਵਾਸੀਆਂ ਨੇ ਵਿਧਾਇਕ ਦਾ ਧੰਨਵਾਦ ਕੀਤਾ।

ਇਸ ਮੌਕੇ ਪੰਚਾਇਤ ਮੈਂਬਰ, ਸਰਪੰਚ ਅਤੇ ਵੱਡੀ ਗਿਣਤੀ ਵਿੱਚ ਪਿੰਡ ਵਾਸੀ ਹਾਜ਼ਰ ਸਨ। ਵਿਧਾਇਕ ਨੇ ਨਾਰੀਅਲ ਤੋੜ ਕੇ ਕੰਮ ਦੀ ਸ਼ੁਰੂਆਤ ਕਰਵਾਈ।

ਸੜਕ ਦੀ ਉਸਾਰੀ ਦੀ ਸ਼ੁਰੂਆਤ ਕਰਦੇ ਹੋਏ ਵਿਧਾਇਕ ਕੁਲਜੀਤ ਸਿੰਘ ਰੰਧਾਵਾ।
